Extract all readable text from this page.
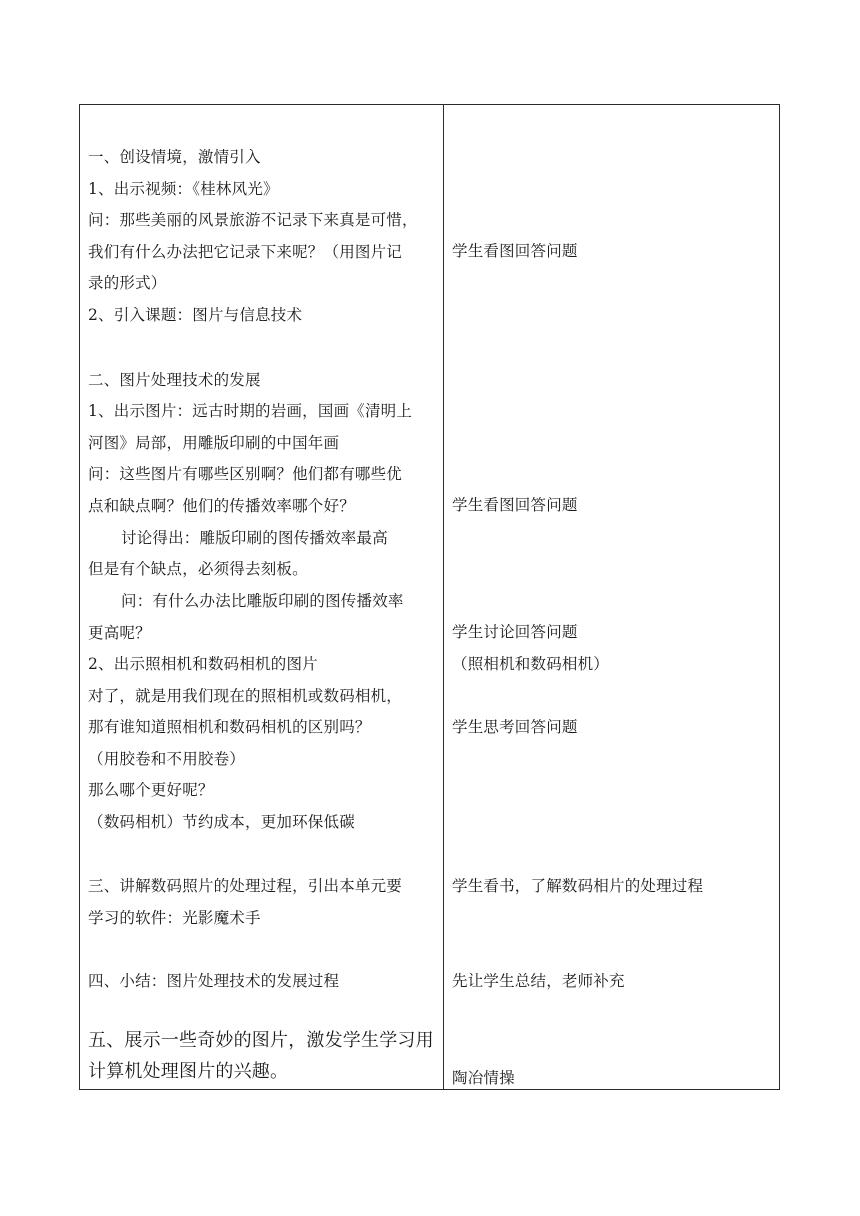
一、创设情境，激情引入
1、出示视频：《桂林风光》
问：那些美丽的风景旅游不记录下来真是可惜，
我们有什么办法把它记录下来呢？（用图片记
录的形式）
2、引入课题：图片与信息技术
二、图片处理技术的发展
1、出示图片：远古时期的岩画，国画《清明上
河图》局部，用雕版印刷的中国年画
问：这些图片有哪些区别啊？他们都有哪些优
点和缺点啊？他们的传播效率哪个好？
讨论得出：雕版印刷的图传播效率最高
但是有个缺点，必须得去刻板。
问：有什么办法比雕版印刷的图传播效率
更高呢？
2、出示照相机和数码相机的图片
对了，就是用我们现在的照相机或数码相机，
那有谁知道照相机和数码相机的区别吗？
（用胶卷和不用胶卷）
那么哪个更好呢？
（数码相机）节约成本，更加环保低碳
三、讲解数码照片的处理过程，引出本单元要
学习的软件：光影魔术手
四、小结：图片处理技术的发展过程
五、展示一些奇妙的图片，激发学生学习用
计算机处理图片的兴趣。
学生看图回答问题
学生看图回答问题
学生讨论回答问题
（照相机和数码相机）
学生思考回答问题
学生看书，了解数码相片的处理过程
先让学生总结，老师补充
陶冶情操
